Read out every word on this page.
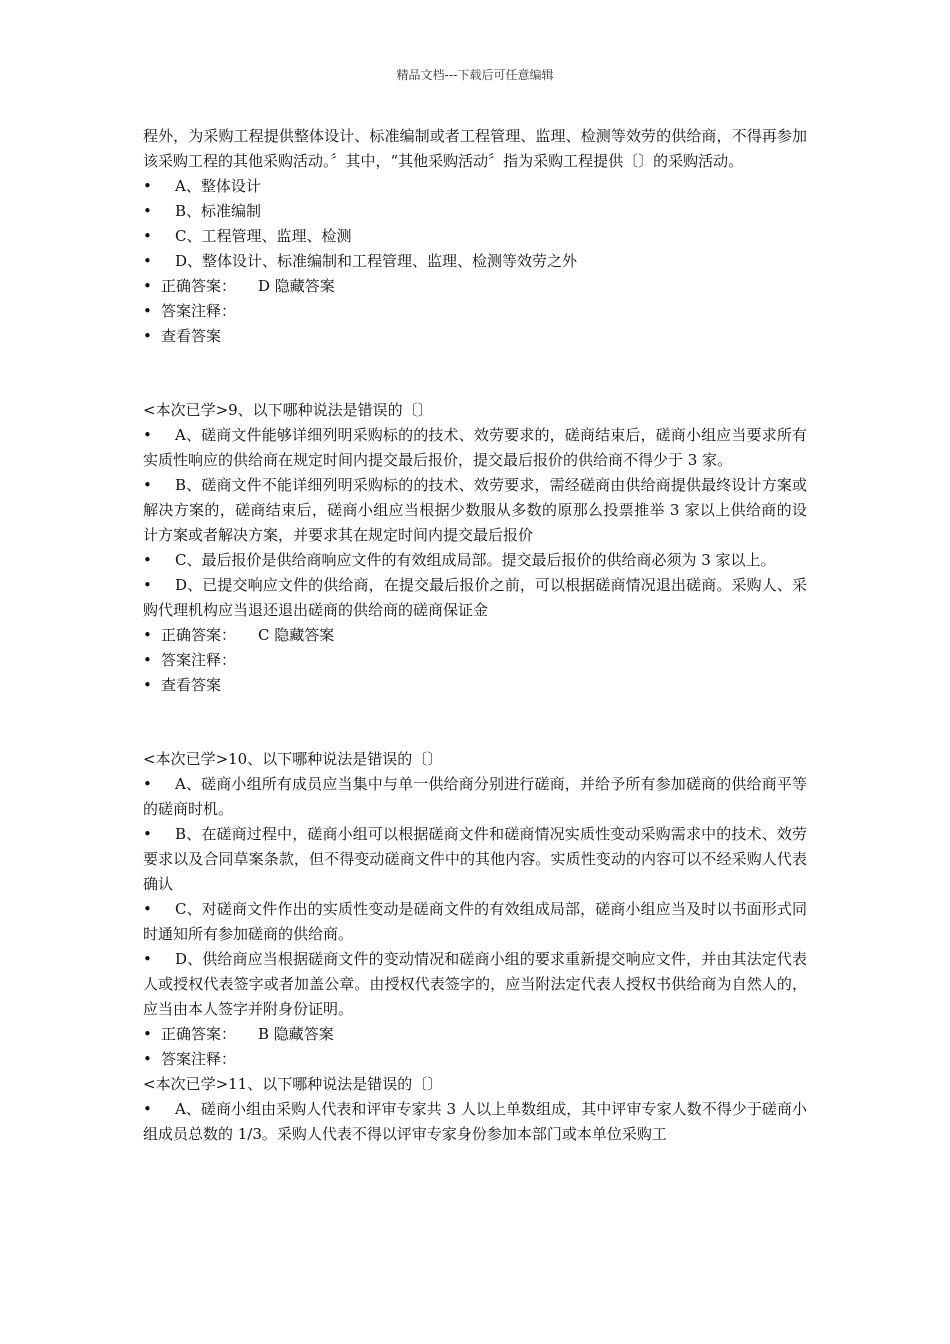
精品文档---下载后可任意编辑

程外，为采购工程提供整体设计、标准编制或者工程管理、监理、检测等效劳的供给商，不得再参加该采购工程的其他采购活动。〞其中，“其他采购活动〞指为采购工程提供〔〕的采购活动。

•
A、整体设计

•
B、标准编制

•
C、工程管理、监理、检测

•
D、整体设计、标准编制和工程管理、监理、检测等效劳之外

•
正确答案： D 隐藏答案

•
答案注释：

•
查看答案

<本次已学>9、以下哪种说法是错误的〔〕

•
A、磋商文件能够详细列明采购标的的技术、效劳要求的，磋商结束后，磋商小组应当要求所有实质性响应的供给商在规定时间内提交最后报价，提交最后报价的供给商不得少于 3 家。

•
B、磋商文件不能详细列明采购标的的技术、效劳要求，需经磋商由供给商提供最终设计方案或解决方案的，磋商结束后，磋商小组应当根据少数服从多数的原那么投票推举 3 家以上供给商的设计方案或者解决方案，并要求其在规定时间内提交最后报价

•
C、最后报价是供给商响应文件的有效组成局部。提交最后报价的供给商必须为 3 家以上。

•
D、已提交响应文件的供给商，在提交最后报价之前，可以根据磋商情况退出磋商。采购人、采购代理机构应当退还退出磋商的供给商的磋商保证金

•
正确答案： C 隐藏答案

•
答案注释：

•
查看答案

<本次已学>10、以下哪种说法是错误的〔〕

•
A、磋商小组所有成员应当集中与单一供给商分别进行磋商，并给予所有参加磋商的供给商平等的磋商时机。

•
B、在磋商过程中，磋商小组可以根据磋商文件和磋商情况实质性变动采购需求中的技术、效劳要求以及合同草案条款，但不得变动磋商文件中的其他内容。实质性变动的内容可以不经采购人代表确认

•
C、对磋商文件作出的实质性变动是磋商文件的有效组成局部，磋商小组应当及时以书面形式同时通知所有参加磋商的供给商。

•
D、供给商应当根据磋商文件的变动情况和磋商小组的要求重新提交响应文件，并由其法定代表人或授权代表签字或者加盖公章。由授权代表签字的，应当附法定代表人授权书供给商为自然人的，应当由本人签字并附身份证明。

•
正确答案： B 隐藏答案

•
答案注释：

<本次已学>11、以下哪种说法是错误的〔〕

•
A、磋商小组由采购人代表和评审专家共 3 人以上单数组成，其中评审专家人数不得少于磋商小组成员总数的 1/3。采购人代表不得以评审专家身份参加本部门或本单位采购工
